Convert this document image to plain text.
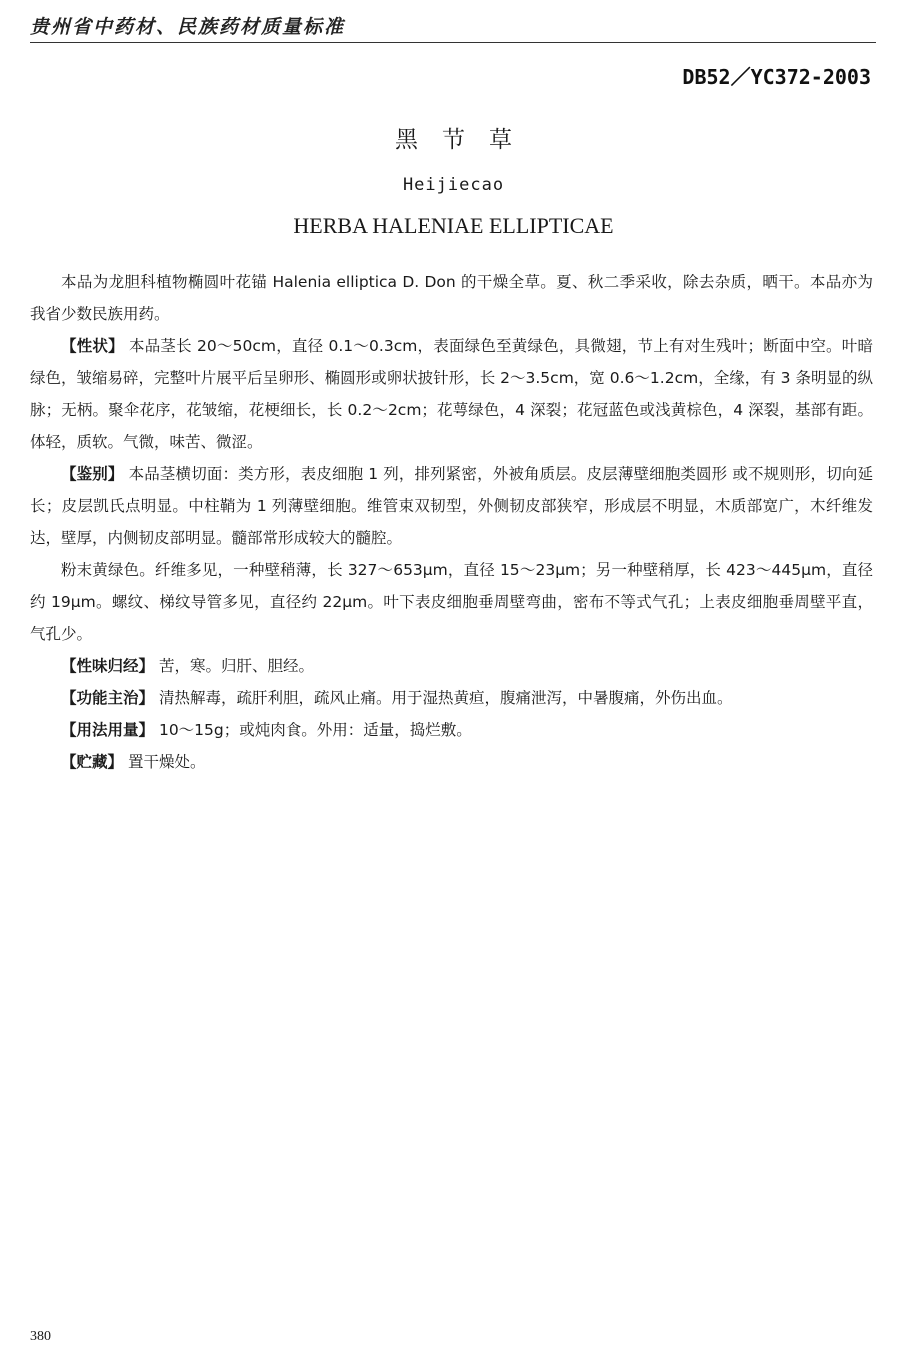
贵州省中药材、民族药材质量标准
DB52／YC372-2003
黑节草
Heijiecao
HERBA HALENIAE ELLIPTICAE

本品为龙胆科植物椭圆叶花锚 Halenia elliptica D. Don 的干燥全草。夏、秋二季采收，除去杂质，晒干。本品亦为我省少数民族用药。

【性状】 本品茎长 20～50cm，直径 0.1～0.3cm，表面绿色至黄绿色，具微翅，节上有对生残叶；断面中空。叶暗绿色，皱缩易碎，完整叶片展平后呈卵形、椭圆形或卵状披针形，长 2～3.5cm，宽 0.6～1.2cm，全缘，有 3 条明显的纵脉；无柄。聚伞花序，花皱缩，花梗细长，长 0.2～2cm；花萼绿色，4 深裂；花冠蓝色或浅黄棕色，4 深裂，基部有距。体轻，质软。气微，味苦、微涩。

【鉴别】 本品茎横切面：类方形，表皮细胞 1 列，排列紧密，外被角质层。皮层薄壁细胞类圆形 或不规则形，切向延长；皮层凯氏点明显。中柱鞘为 1 列薄壁细胞。维管束双韧型，外侧韧皮部狭窄，形成层不明显，木质部宽广，木纤维发达，壁厚，内侧韧皮部明显。髓部常形成较大的髓腔。

粉末黄绿色。纤维多见，一种壁稍薄，长 327～653μm，直径 15～23μm；另一种壁稍厚，长 423～445μm，直径约 19μm。螺纹、梯纹导管多见，直径约 22μm。叶下表皮细胞垂周壁弯曲，密布不等式气孔；上表皮细胞垂周壁平直，气孔少。

【性味归经】 苦，寒。归肝、胆经。

【功能主治】 清热解毒，疏肝利胆，疏风止痛。用于湿热黄疸，腹痛泄泻，中暑腹痛，外伤出血。

【用法用量】 10～15g；或炖肉食。外用：适量，捣烂敷。

【贮藏】 置干燥处。

380
